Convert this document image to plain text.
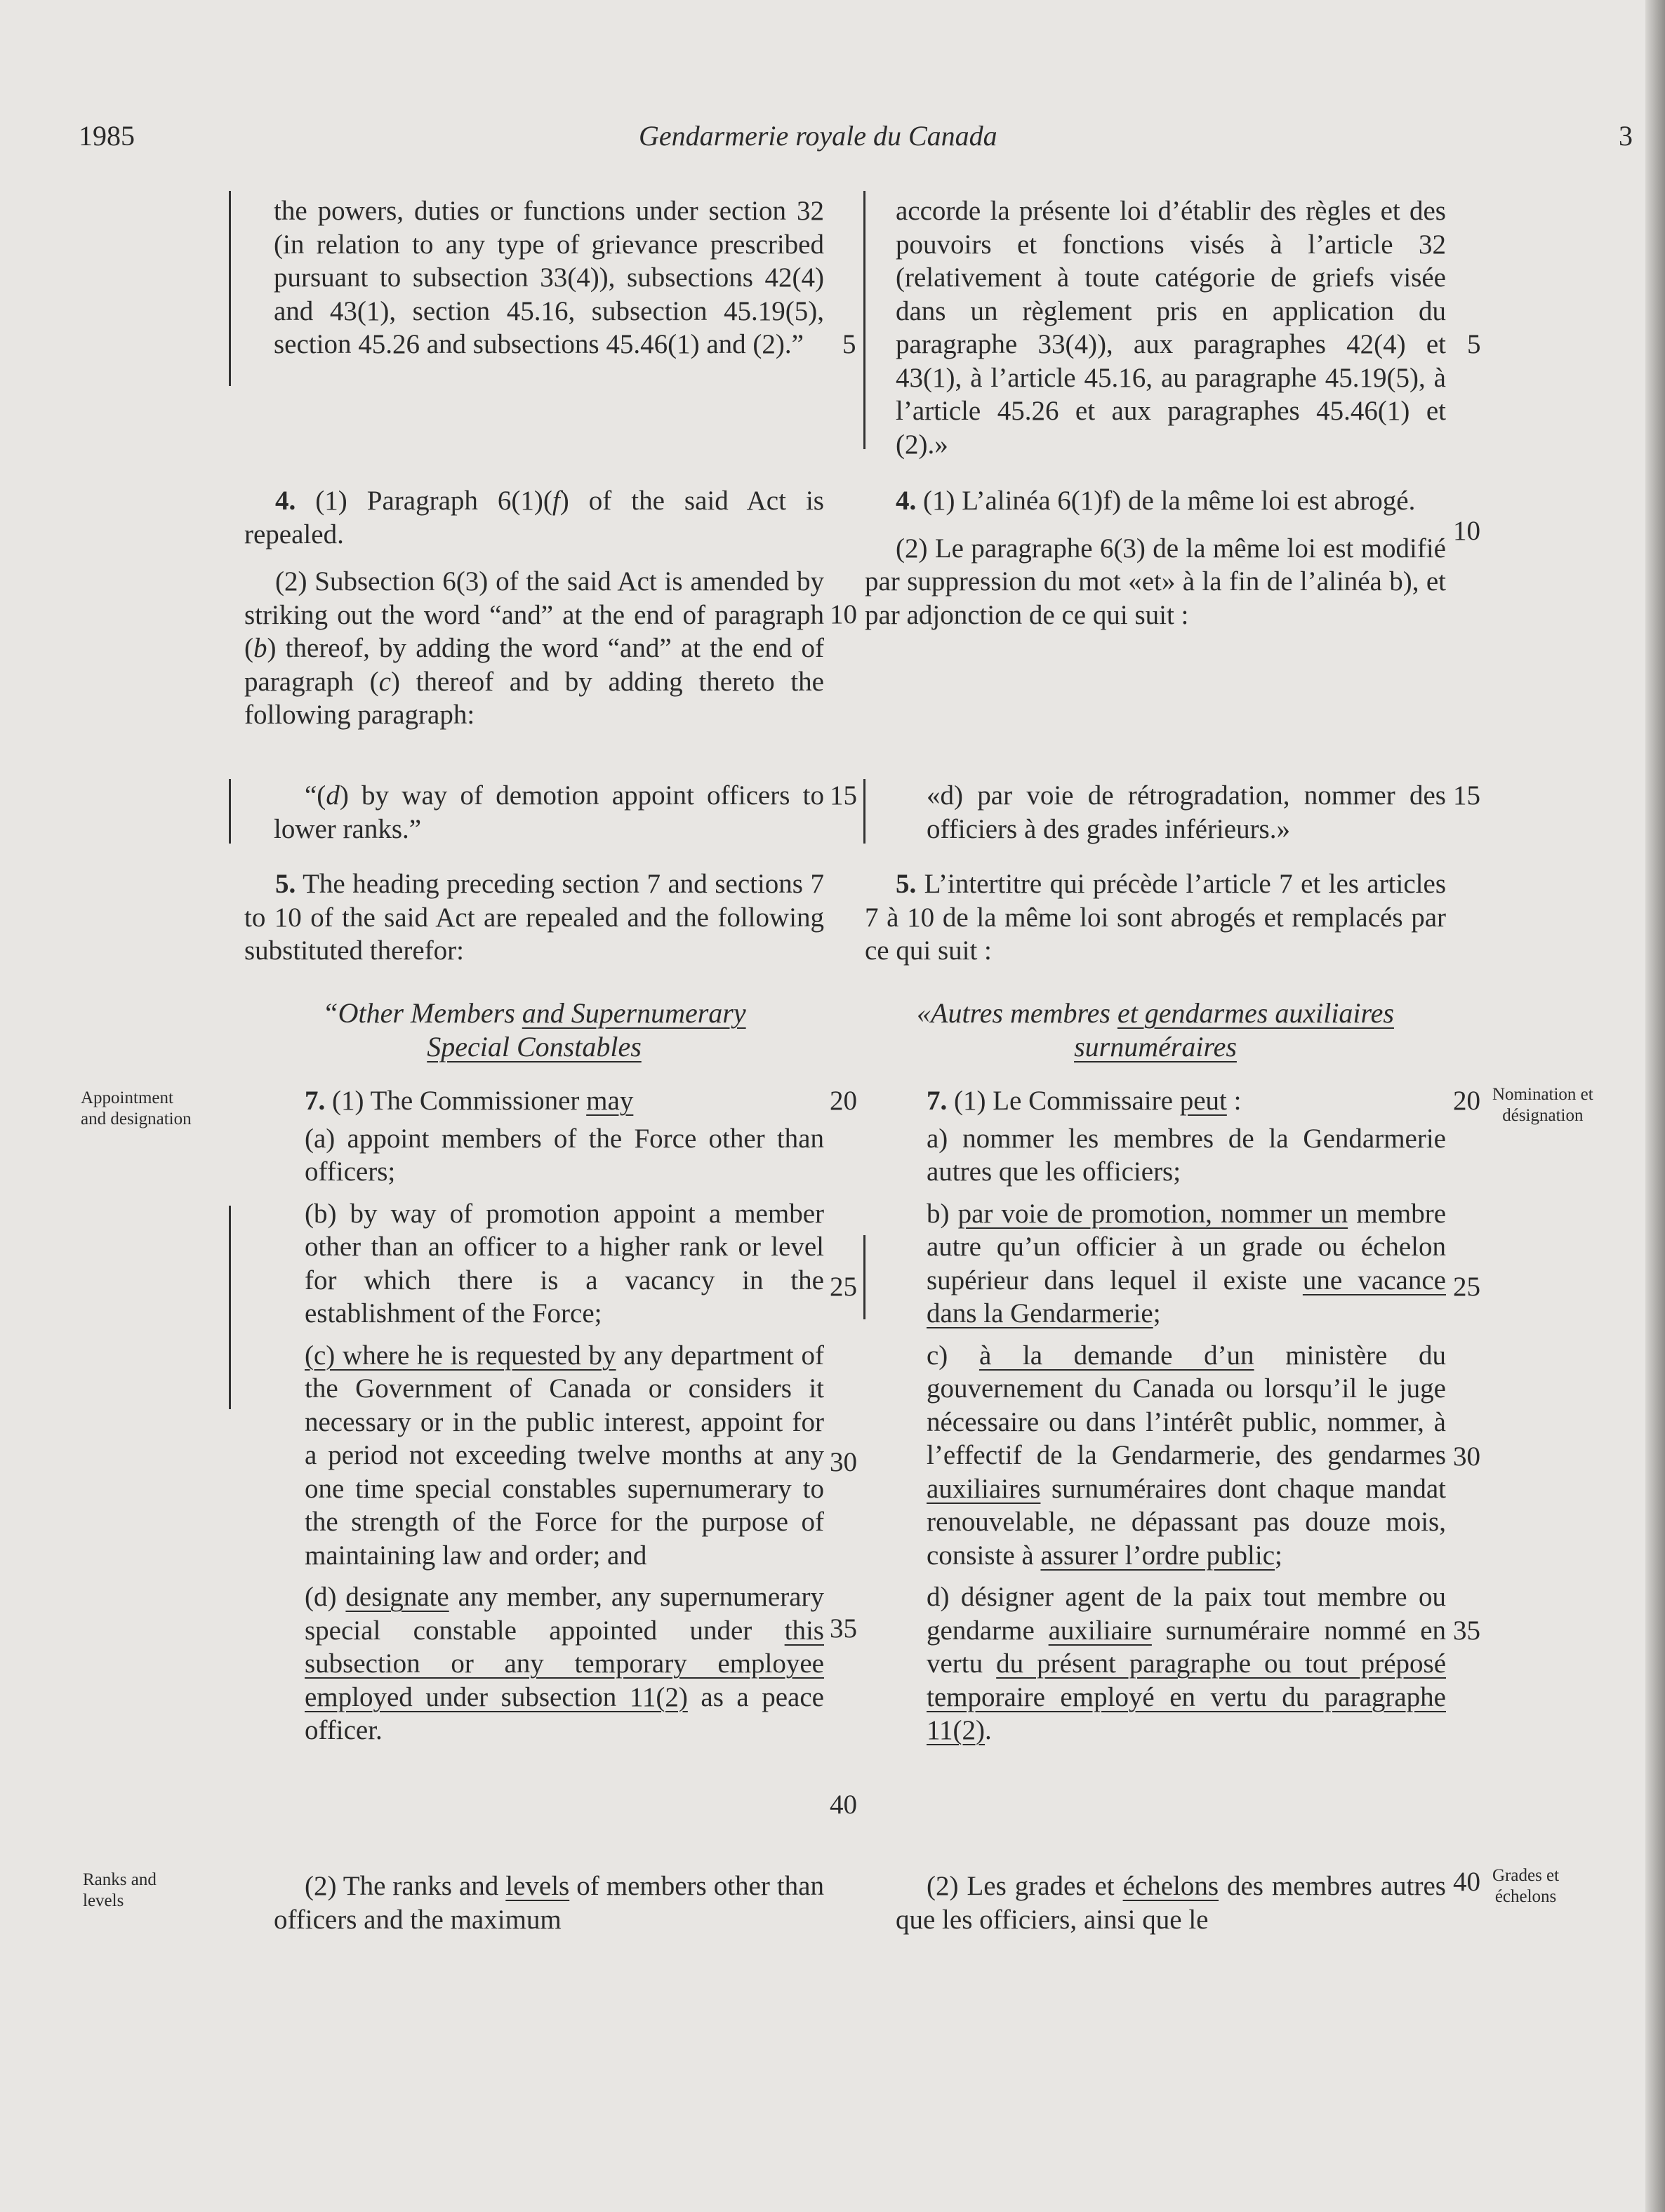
1985	Gendarmerie royale du Canada	3
Appointment
and designation
Ranks and
levels
Nomination et
désignation
Grades et
échelons

the powers, duties or functions under section 32 (in relation to any type of grievance prescribed pursuant to subsection 33(4)), subsections 42(4) and 43(1), section 45.16, subsection 45.19(5), section 45.26 and subsections 45.46(1) and (2).”

4. (1) Paragraph 6(1)(f) of the said Act is repealed.

(2) Subsection 6(3) of the said Act is amended by striking out the word “and” at the end of paragraph (b) thereof, by adding the word “and” at the end of paragraph (c) thereof and by adding thereto the following paragraph:

“(d) by way of demotion appoint officers to lower ranks.”

5. The heading preceding section 7 and sections 7 to 10 of the said Act are repealed and the following substituted therefor:

“Other Members and Supernumerary
Special Constables

7. (1) The Commissioner may

(a) appoint members of the Force other than officers;

(b) by way of promotion appoint a member other than an officer to a higher rank or level for which there is a vacancy in the establishment of the Force;

(c) where he is requested by any department of the Government of Canada or considers it necessary or in the public interest, appoint for a period not exceeding twelve months at any one time special constables supernumerary to the strength of the Force for the purpose of maintaining law and order; and

(d) designate any member, any supernumerary special constable appointed under this subsection or any temporary employee employed under subsection 11(2) as a peace officer.

(2) The ranks and levels of members other than officers and the maximum

accorde la présente loi d’établir des règles et des pouvoirs et fonctions visés à l’article 32 (relativement à toute catégorie de griefs visée dans un règlement pris en application du paragraphe 33(4)), aux paragraphes 42(4) et 43(1), à l’article 45.16, au paragraphe 45.19(5), à l’article 45.26 et aux paragraphes 45.46(1) et (2).»

4. (1) L’alinéa 6(1)f) de la même loi est abrogé.

(2) Le paragraphe 6(3) de la même loi est modifié par suppression du mot «et» à la fin de l’alinéa b), et par adjonction de ce qui suit :

«d) par voie de rétrogradation, nommer des officiers à des grades inférieurs.»

5. L’intertitre qui précède l’article 7 et les articles 7 à 10 de la même loi sont abrogés et remplacés par ce qui suit :

«Autres membres et gendarmes auxiliaires
surnuméraires

7. (1) Le Commissaire peut :

a) nommer les membres de la Gendarmerie autres que les officiers;

b) par voie de promotion, nommer un membre autre qu’un officier à un grade ou échelon supérieur dans lequel il existe une vacance dans la Gendarmerie;

c) à la demande d’un ministère du gouvernement du Canada ou lorsqu’il le juge nécessaire ou dans l’intérêt public, nommer, à l’effectif de la Gendarmerie, des gendarmes auxiliaires surnuméraires dont chaque mandat renouvelable, ne dépassant pas douze mois, consiste à assurer l’ordre public;

d) désigner agent de la paix tout membre ou gendarme auxiliaire surnuméraire nommé en vertu du présent paragraphe ou tout préposé temporaire employé en vertu du paragraphe 11(2).

(2) Les grades et échelons des membres autres que les officiers, ainsi que le

5
10
15
20
25
30
35
40
5
10
15
20
25
30
35
40
